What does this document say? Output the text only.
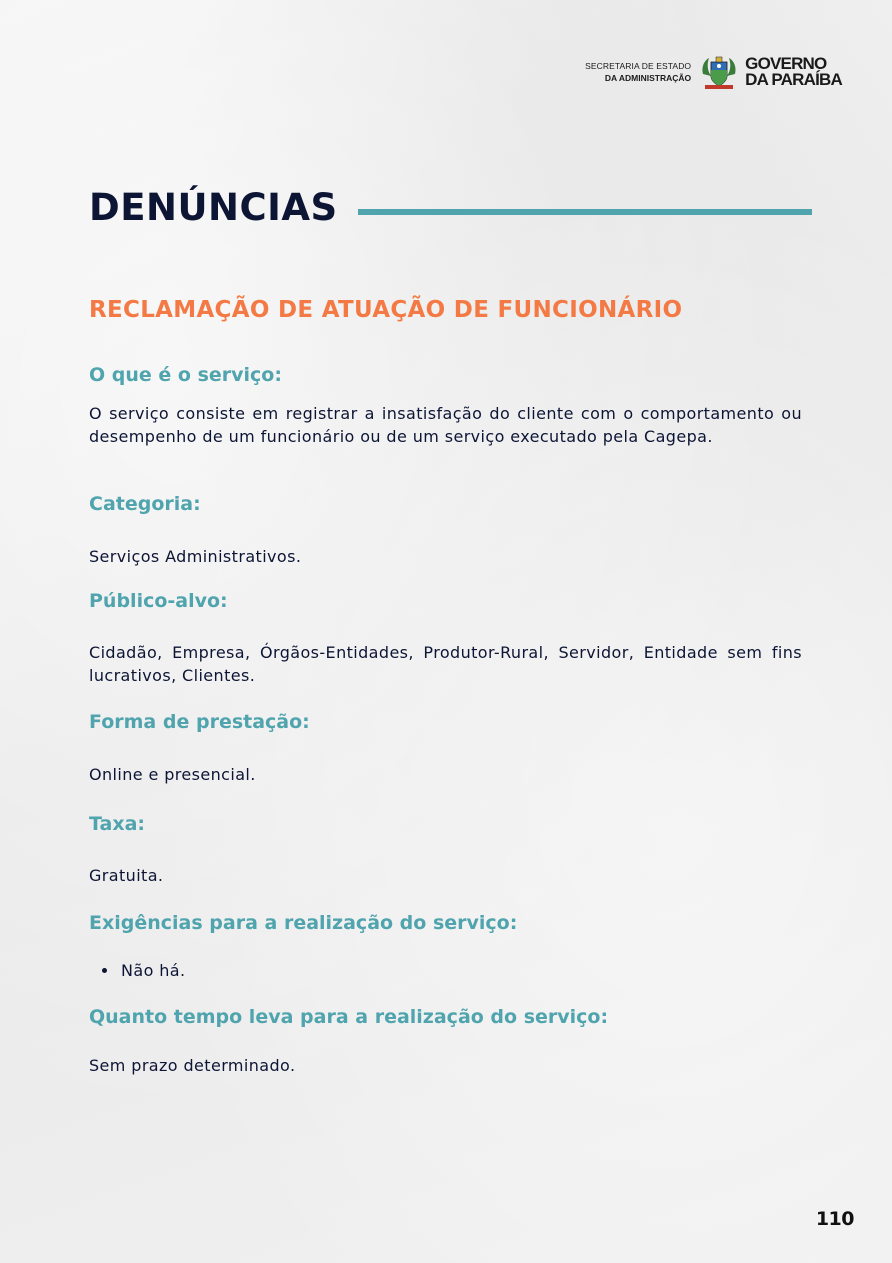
SECRETARIA DE ESTADO
DA ADMINISTRAÇÃO
GOVERNO
DA PARAÍBA
DENÚNCIAS
RECLAMAÇÃO DE ATUAÇÃO DE FUNCIONÁRIO
O que é o serviço:

O serviço consiste em registrar a insatisfação do cliente com o comportamento ou desempenho de um funcionário ou de um serviço executado pela Cagepa.

Categoria:

Serviços Administrativos.

Público-alvo:

Cidadão, Empresa, Órgãos-Entidades, Produtor-Rural, Servidor, Entidade sem fins lucrativos, Clientes.

Forma de prestação:

Online e presencial.

Taxa:

Gratuita.

Exigências para a realização do serviço:
Não há.
Quanto tempo leva para a realização do serviço:

Sem prazo determinado.

110
